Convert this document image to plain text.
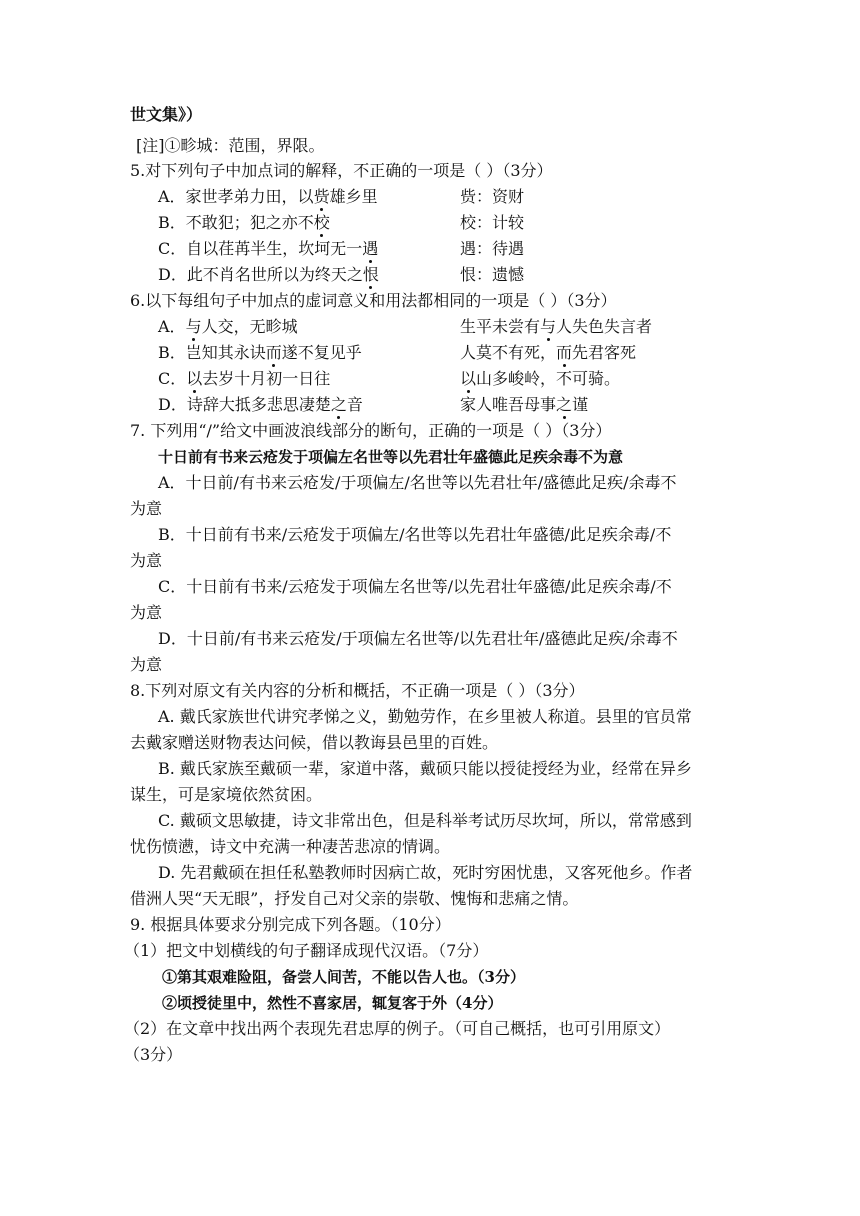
世文集》）
[注]①畛城：范围，界限。
5.对下列句子中加点词的解释，不正确的一项是（ ）（3分）
A．家世孝弟力田，以赀雄乡里	赀：资财
B．不敢犯；犯之亦不校	校：计较
C．自以荏苒半生，坎坷无一遇	遇：待遇
D．此不肖名世所以为终天之恨	恨：遗憾
6.以下每组句子中加点的虚词意义和用法都相同的一项是（ ）（3分）
A．与人交，无畛城	生平未尝有与人失色失言者
B．岂知其永诀而遂不复见乎	人莫不有死，而先君客死
C．以去岁十月初一日往	以山多峻岭，不可骑。
D．诗辞大抵多悲思凄楚之音	家人唯吾母事之谨
7. 下列用“/”给文中画波浪线部分的断句，正确的一项是（ ）（3分）
十日前有书来云疮发于项偏左名世等以先君壮年盛德此足疾余毒不为意
A．十日前/有书来云疮发/于项偏左/名世等以先君壮年/盛德此足疾/余毒不
为意
B．十日前有书来/云疮发于项偏左/名世等以先君壮年盛德/此足疾余毒/不
为意
C．十日前有书来/云疮发于项偏左名世等/以先君壮年盛德/此足疾余毒/不
为意
D．十日前/有书来云疮发/于项偏左名世等/以先君壮年/盛德此足疾/余毒不
为意
8.下列对原文有关内容的分析和概括，不正确一项是（ ）（3分）
A. 戴氏家族世代讲究孝悌之义，勤勉劳作，在乡里被人称道。县里的官员常
去戴家赠送财物表达问候，借以教诲县邑里的百姓。
B. 戴氏家族至戴硕一辈，家道中落，戴硕只能以授徒授经为业，经常在异乡
谋生，可是家境依然贫困。
C. 戴硕文思敏捷，诗文非常出色，但是科举考试历尽坎坷，所以，常常感到
忧伤愤懑，诗文中充满一种凄苦悲凉的情调。
D. 先君戴硕在担任私塾教师时因病亡故，死时穷困忧患，又客死他乡。作者
借洲人哭“天无眼”，抒发自己对父亲的崇敬、愧悔和悲痛之情。
9. 根据具体要求分别完成下列各题。（10分）
（1）把文中划横线的句子翻译成现代汉语。（7分）
①第其艰难险阻，备尝人间苦，不能以告人也。（3分）
②顷授徒里中，然性不喜家居，辄复客于外（4分）
（2）在文章中找出两个表现先君忠厚的例子。（可自己概括，也可引用原文）
（3分）
